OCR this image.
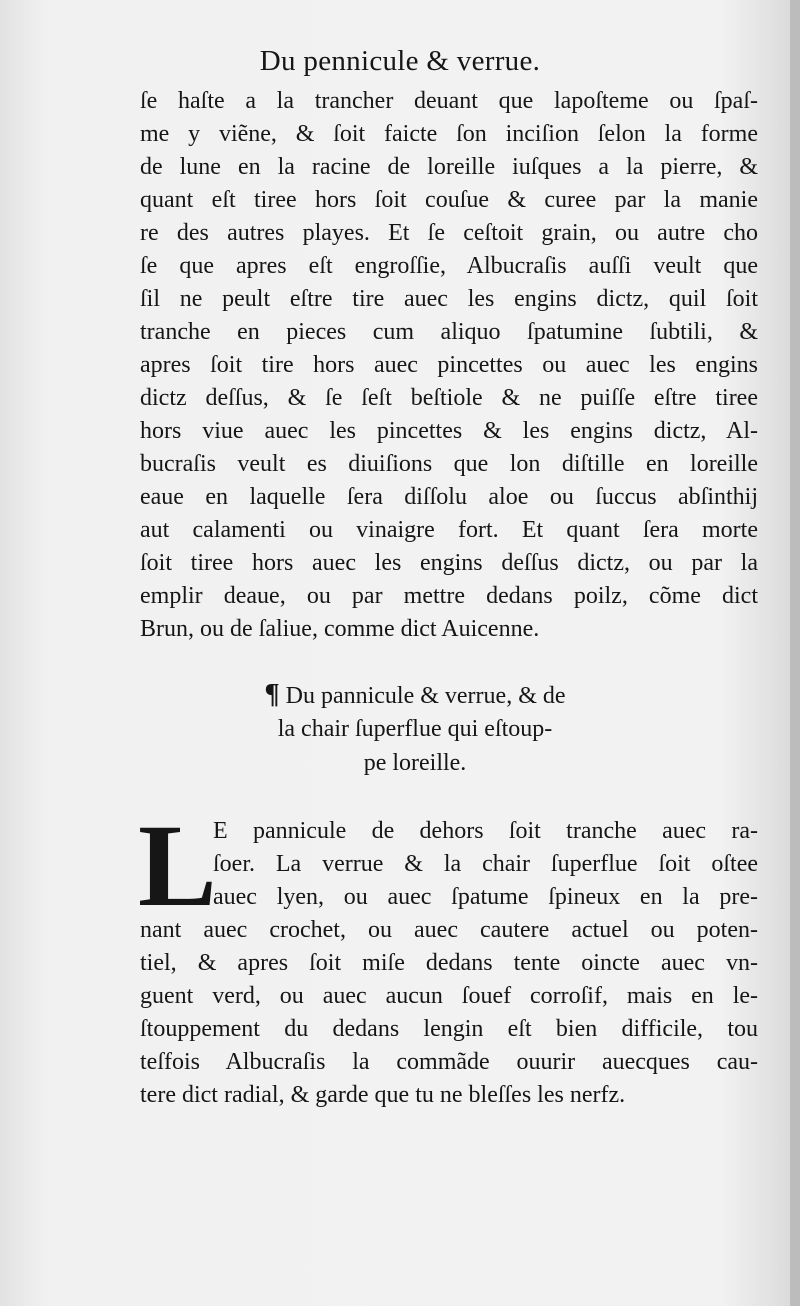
Du pennicule & verrue.
ſe haſte a la trancher deuant que lapoſteme ou ſpaſ-
me y viẽne, & ſoit faicte ſon inciſion ſelon la forme
de lune en la racine de loreille iuſques a la pierre, &
quant eſt tiree hors ſoit couſue & curee par la manie
re des autres playes. Et ſe ceſtoit grain, ou autre cho
ſe que apres eſt engroſſie, Albucraſis auſſi veult que
ſil ne peult eſtre tire auec les engins dictz, quil ſoit
tranche en pieces cum aliquo ſpatumine ſubtili, &
apres ſoit tire hors auec pincettes ou auec les engins
dictz deſſus, & ſe ſeſt beſtiole & ne puiſſe eſtre tiree
hors viue auec les pincettes & les engins dictz, Al-
bucraſis veult es diuiſions que lon diſtille en loreille
eaue en laquelle ſera diſſolu aloe ou ſuccus abſinthij
aut calamenti ou vinaigre fort. Et quant ſera morte
ſoit tiree hors auec les engins deſſus dictz, ou par la
emplir deaue, ou par mettre dedans poilz, cõme dict
Brun, ou de ſaliue, comme dict Auicenne.
¶ Du pannicule & verrue, & de
la chair ſuperflue qui eſtoup-
pe loreille.
L
E pannicule de dehors ſoit tranche auec ra-
ſoer. La verrue & la chair ſuperflue ſoit oſtee
auec lyen, ou auec ſpatume ſpineux en la pre-
nant auec crochet, ou auec cautere actuel ou poten-
tiel, & apres ſoit miſe dedans tente oincte auec vn-
guent verd, ou auec aucun ſouef corroſif, mais en le-
ſtouppement du dedans lengin eſt bien difficile, tou
teſfois Albucraſis la commãde ouurir auecques cau-
tere dict radial, & garde que tu ne bleſſes les nerfz.
